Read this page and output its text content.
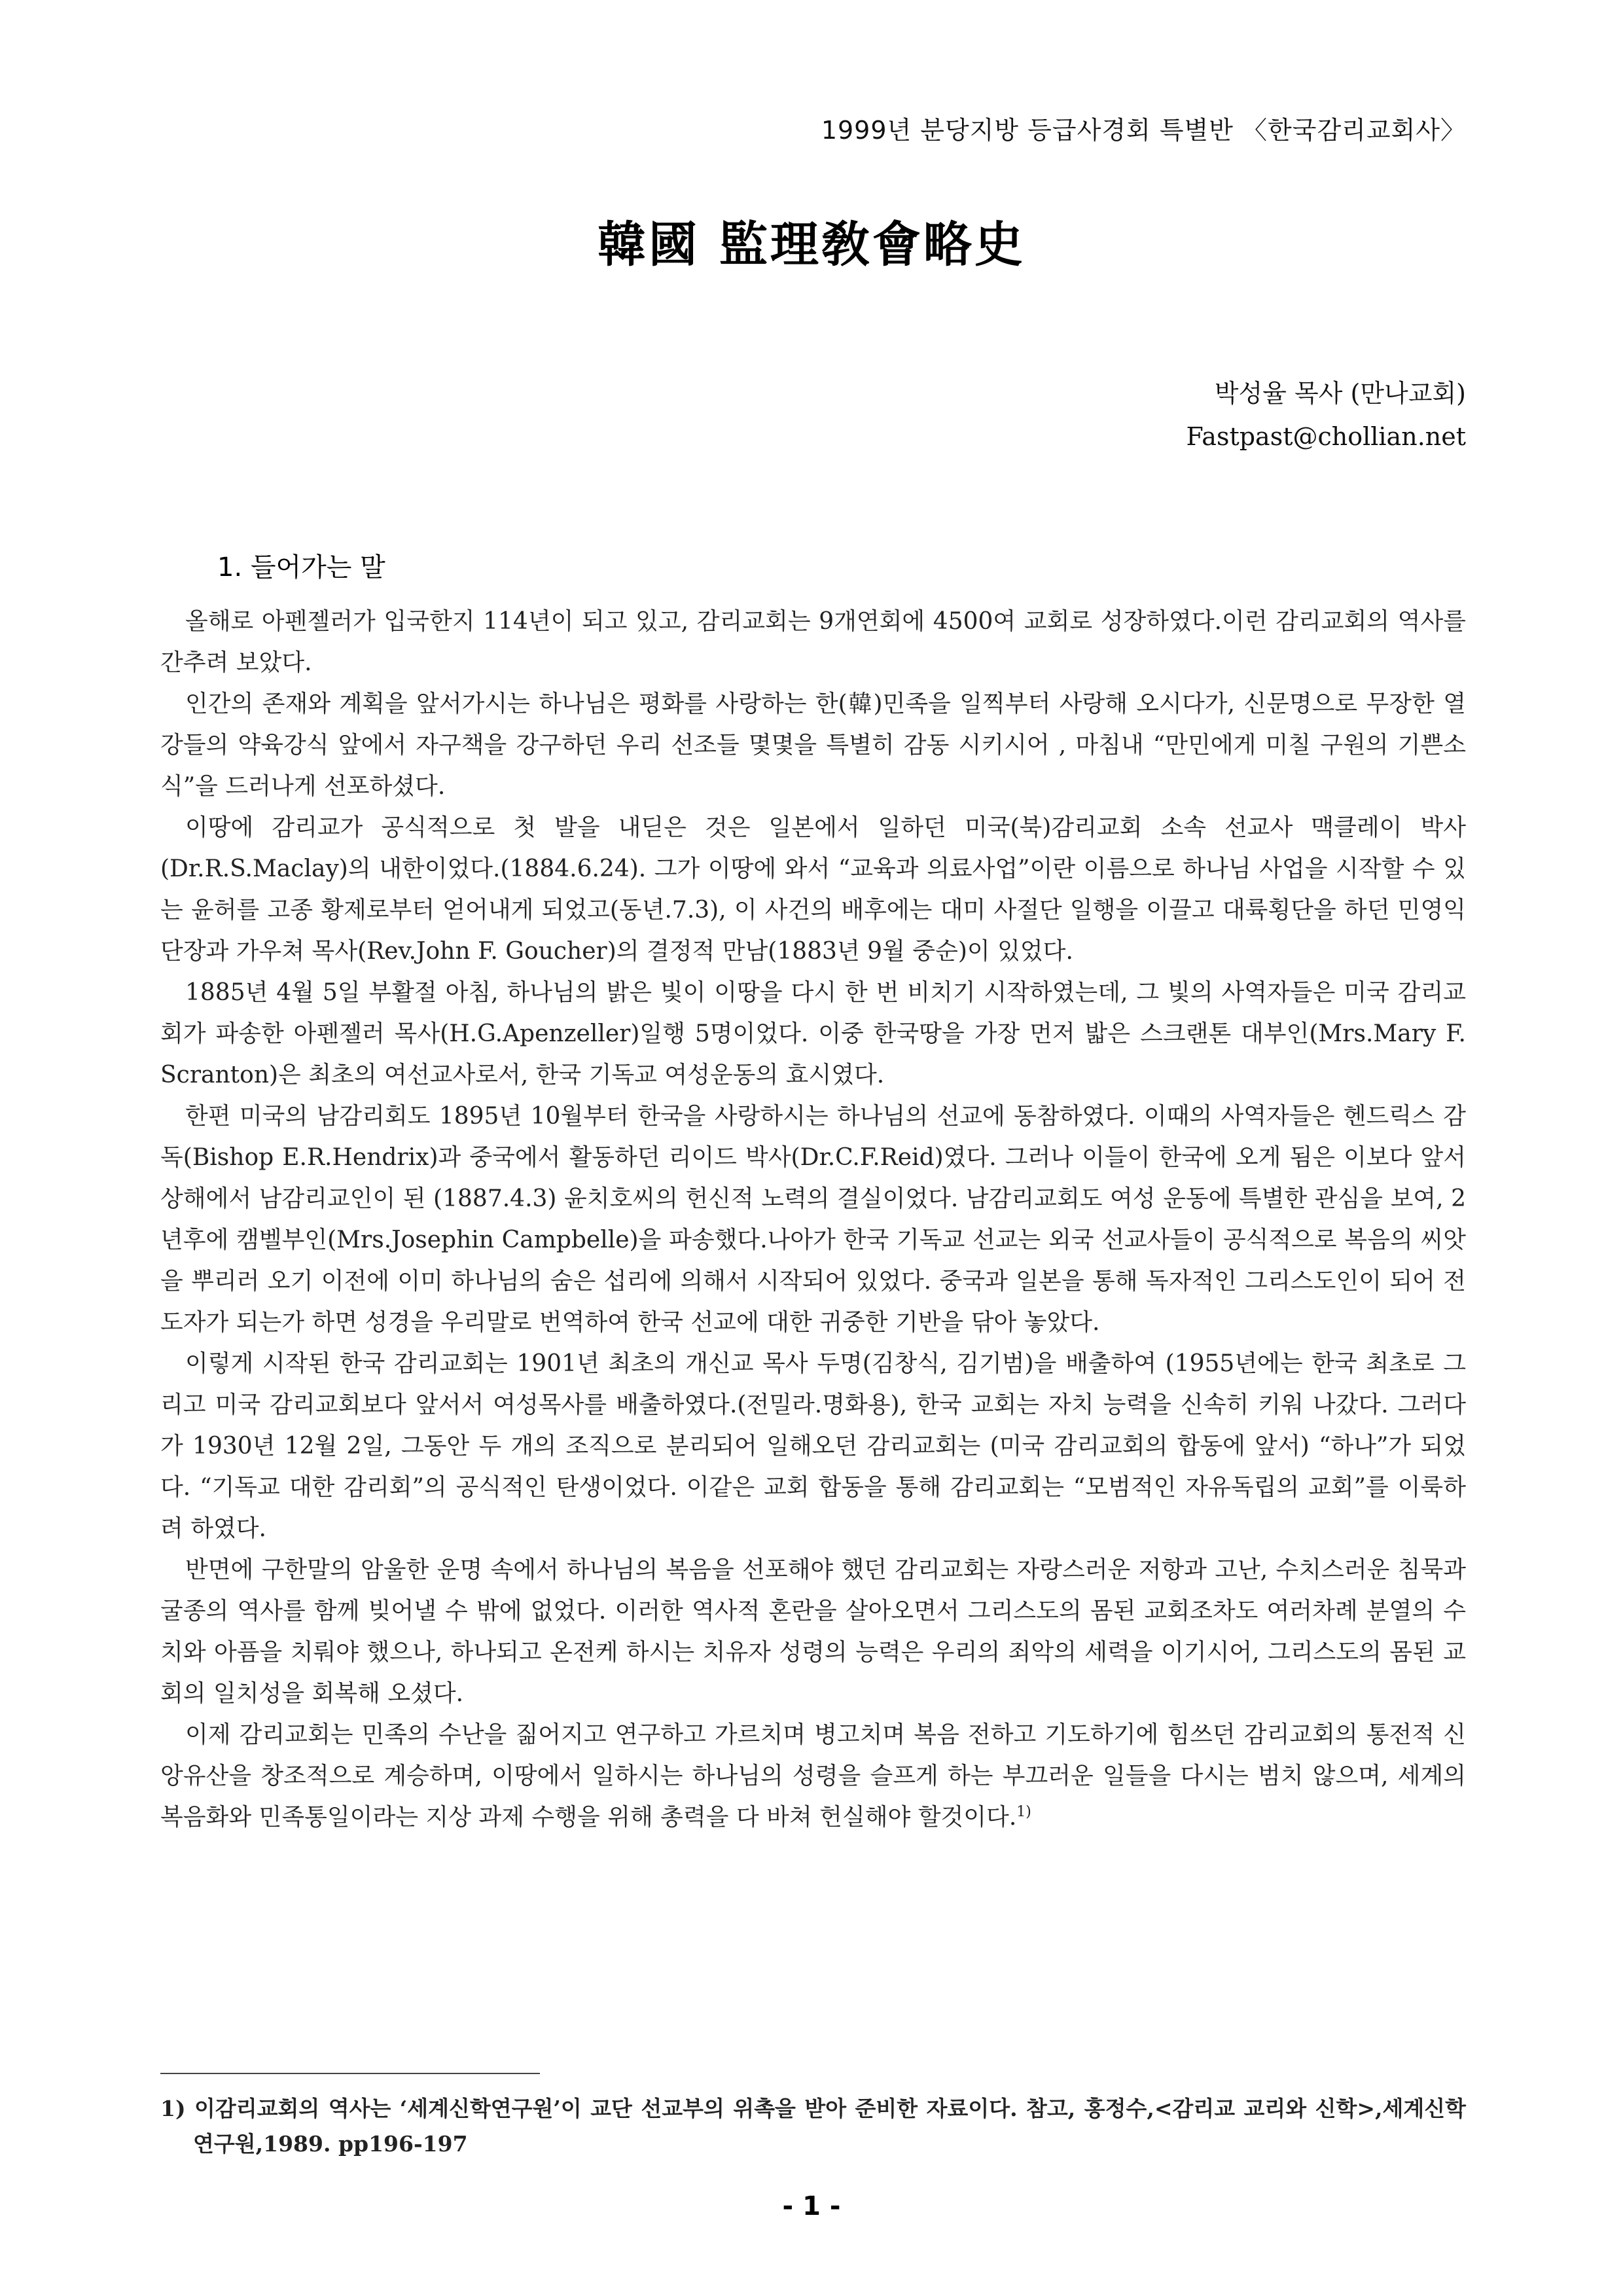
1999년 분당지방 등급사경회 특별반 〈한국감리교회사〉
韓國 監理敎會略史
박성율 목사 (만나교회)
Fastpast@chollian.net
1. 들어가는 말

올해로 아펜젤러가 입국한지 114년이 되고 있고, 감리교회는 9개연회에 4500여 교회로 성장하였다.이런 감리교회의 역사를 간추려 보았다.

인간의 존재와 계획을 앞서가시는 하나님은 평화를 사랑하는 한(韓)민족을 일찍부터 사랑해 오시다가, 신문명으로 무장한 열강들의 약육강식 앞에서 자구책을 강구하던 우리 선조들 몇몇을 특별히 감동 시키시어 , 마침내 “만민에게 미칠 구원의 기쁜소식”을 드러나게 선포하셨다.

이땅에 감리교가 공식적으로 첫 발을 내딛은 것은 일본에서 일하던 미국(북)감리교회 소속 선교사 맥클레이 박사 (Dr.R.S.Maclay)의 내한이었다.(1884.6.24). 그가 이땅에 와서 “교육과 의료사업”이란 이름으로 하나님 사업을 시작할 수 있는 윤허를 고종 황제로부터 얻어내게 되었고(동년.7.3), 이 사건의 배후에는 대미 사절단 일행을 이끌고 대륙횡단을 하던 민영익 단장과 가우쳐 목사(Rev.John F. Goucher)의 결정적 만남(1883년 9월 중순)이 있었다.

1885년 4월 5일 부활절 아침, 하나님의 밝은 빛이 이땅을 다시 한 번 비치기 시작하였는데, 그 빛의 사역자들은 미국 감리교회가 파송한 아펜젤러 목사(H.G.Apenzeller)일행 5명이었다. 이중 한국땅을 가장 먼저 밟은 스크랜톤 대부인(Mrs.Mary F. Scranton)은 최초의 여선교사로서, 한국 기독교 여성운동의 효시였다.

한편 미국의 남감리회도 1895년 10월부터 한국을 사랑하시는 하나님의 선교에 동참하였다. 이때의 사역자들은 헨드릭스 감독(Bishop E.R.Hendrix)과 중국에서 활동하던 리이드 박사(Dr.C.F.Reid)였다. 그러나 이들이 한국에 오게 됨은 이보다 앞서 상해에서 남감리교인이 된 (1887.4.3) 윤치호씨의 헌신적 노력의 결실이었다. 남감리교회도 여성 운동에 특별한 관심을 보여, 2년후에 캠벨부인(Mrs.Josephin Campbelle)을 파송했다.나아가 한국 기독교 선교는 외국 선교사들이 공식적으로 복음의 씨앗을 뿌리러 오기 이전에 이미 하나님의 숨은 섭리에 의해서 시작되어 있었다. 중국과 일본을 통해 독자적인 그리스도인이 되어 전도자가 되는가 하면 성경을 우리말로 번역하여 한국 선교에 대한 귀중한 기반을 닦아 놓았다.

이렇게 시작된 한국 감리교회는 1901년 최초의 개신교 목사 두명(김창식, 김기범)을 배출하여 (1955년에는 한국 최초로 그리고 미국 감리교회보다 앞서서 여성목사를 배출하였다.(전밀라.명화용), 한국 교회는 자치 능력을 신속히 키워 나갔다. 그러다가 1930년 12월 2일, 그동안 두 개의 조직으로 분리되어 일해오던 감리교회는 (미국 감리교회의 합동에 앞서) “하나”가 되었다. “기독교 대한 감리회”의 공식적인 탄생이었다. 이같은 교회 합동을 통해 감리교회는 “모범적인 자유독립의 교회”를 이룩하려 하였다.

반면에 구한말의 암울한 운명 속에서 하나님의 복음을 선포해야 했던 감리교회는 자랑스러운 저항과 고난, 수치스러운 침묵과 굴종의 역사를 함께 빚어낼 수 밖에 없었다. 이러한 역사적 혼란을 살아오면서 그리스도의 몸된 교회조차도 여러차례 분열의 수치와 아픔을 치뤄야 했으나, 하나되고 온전케 하시는 치유자 성령의 능력은 우리의 죄악의 세력을 이기시어, 그리스도의 몸된 교회의 일치성을 회복해 오셨다.

이제 감리교회는 민족의 수난을 짊어지고 연구하고 가르치며 병고치며 복음 전하고 기도하기에 힘쓰던 감리교회의 통전적 신앙유산을 창조적으로 계승하며, 이땅에서 일하시는 하나님의 성령을 슬프게 하는 부끄러운 일들을 다시는 범치 않으며, 세계의 복음화와 민족통일이라는 지상 과제 수행을 위해 총력을 다 바쳐 헌실해야 할것이다.$^{1)}$

1) 이감리교회의 역사는 ‘세계신학연구원’이 교단 선교부의 위촉을 받아 준비한 자료이다. 참고, 홍정수,<감리교 교리와 신학>,세계신학 연구원,1989. pp196-197
- 1 -
